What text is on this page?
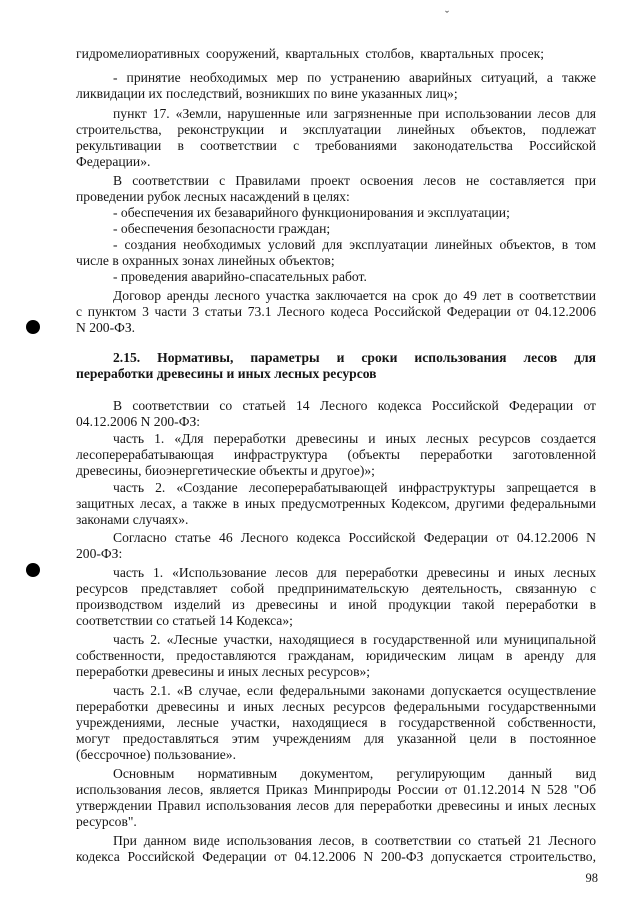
ˇ
гидромелиоративных сооружений, квартальных столбов, квартальных просек;
- принятие необходимых мер по устранению аварийных ситуаций, а также
ликвидации их последствий, возникших по вине указанных лиц»;
пункт 17. «Земли, нарушенные или загрязненные при использовании лесов для
строительства, реконструкции и эксплуатации линейных объектов, подлежат
рекультивации в соответствии с требованиями законодательства Российской
Федерации».
В соответствии с Правилами проект освоения лесов не составляется при
проведении рубок лесных насаждений в целях:
- обеспечения их безаварийного функционирования и эксплуатации;
- обеспечения безопасности граждан;
- создания необходимых условий для эксплуатации линейных объектов, в том
числе в охранных зонах линейных объектов;
- проведения аварийно-спасательных работ.
Договор аренды лесного участка заключается на срок до 49 лет в соответствии
с пунктом 3 части 3 статьи 73.1 Лесного кодеса Российской Федерации от 04.12.2006
N 200-ФЗ.
2.15. Нормативы, параметры и сроки использования лесов для
переработки древесины и иных лесных ресурсов
В соответствии со статьей 14 Лесного кодекса Российской Федерации от
04.12.2006 N 200-ФЗ:
часть 1. «Для переработки древесины и иных лесных ресурсов создается
лесоперерабатывающая инфраструктура (объекты переработки заготовленной
древесины, биоэнергетические объекты и другое)»;
часть 2. «Создание лесоперерабатывающей инфраструктуры запрещается в
защитных лесах, а также в иных предусмотренных Кодексом, другими федеральными
законами случаях».
Согласно статье 46 Лесного кодекса Российской Федерации от 04.12.2006 N
200-ФЗ:
часть 1. «Использование лесов для переработки древесины и иных лесных
ресурсов представляет собой предпринимательскую деятельность, связанную с
производством изделий из древесины и иной продукции такой переработки в
соответствии со статьей 14 Кодекса»;
часть 2. «Лесные участки, находящиеся в государственной или муниципальной
собственности, предоставляются гражданам, юридическим лицам в аренду для
переработки древесины и иных лесных ресурсов»;
часть 2.1. «В случае, если федеральными законами допускается осуществление
переработки древесины и иных лесных ресурсов федеральными государственными
учреждениями, лесные участки, находящиеся в государственной собственности,
могут предоставляться этим учреждениям для указанной цели в постоянное
(бессрочное) пользование».
Основным нормативным документом, регулирующим данный вид
использования лесов, является Приказ Минприроды России от 01.12.2014 N 528 "Об
утверждении Правил использования лесов для переработки древесины и иных лесных
ресурсов".
При данном виде использования лесов, в соответствии со статьей 21 Лесного
кодекса Российской Федерации от 04.12.2006 N 200-ФЗ допускается строительство,
98
